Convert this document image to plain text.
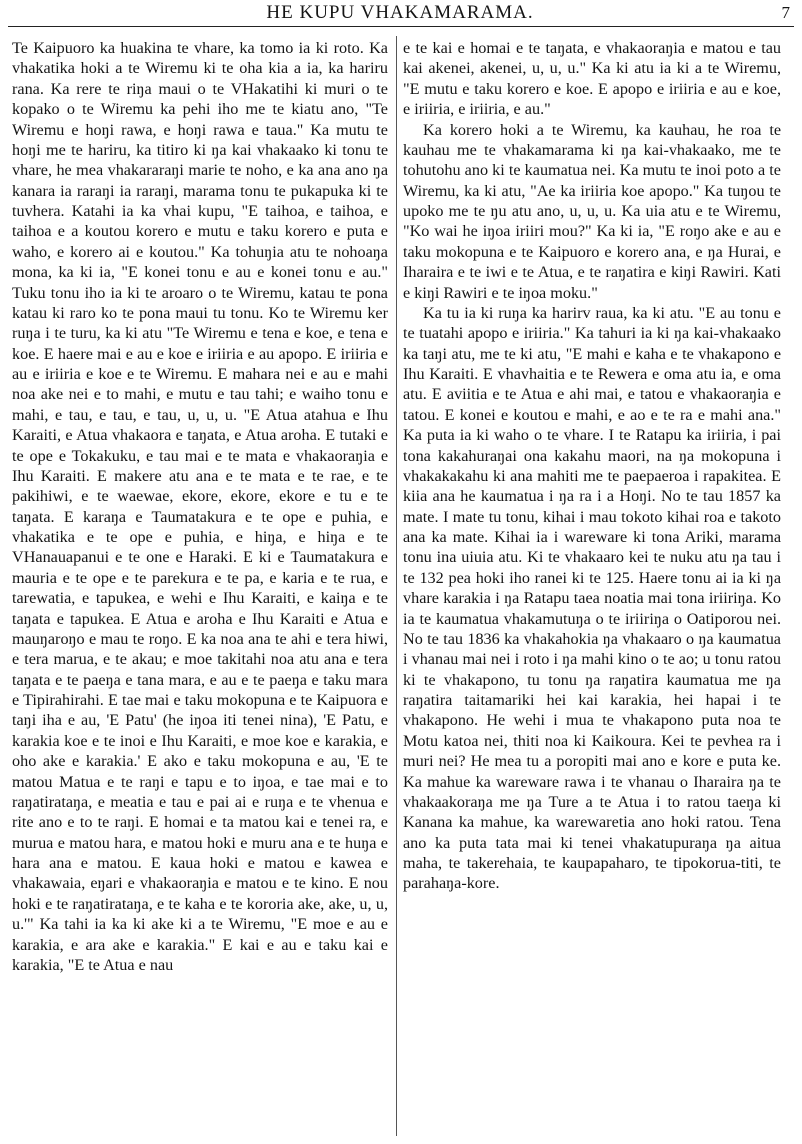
HE KUPU VHAKAMARAMA.	7

Te Kaipuoro ka huakina te vhare, ka tomo ia ki roto. Ka vhakatika hoki a te Wiremu ki te oha kia a ia, ka hariru rana. Ka rere te riŋa maui o te VHakatihi ki muri o te kopako o te Wiremu ka pehi iho me te kiatu ano, "Te Wiremu e hoŋi rawa, e hoŋi rawa e taua." Ka mutu te hoŋi me te hariru, ka titiro ki ŋa kai vhakaako ki tonu te vhare, he mea vhakararaŋi marie te noho, e ka ana ano ŋa kanara ia raraŋi ia raraŋi, marama tonu te pukapuka ki te tuvhera. Katahi ia ka vhai kupu, "E taihoa, e taihoa, e taihoa e a koutou korero e mutu e taku korero e puta e waho, e korero ai e koutou." Ka tohuŋia atu te nohoaŋa mona, ka ki ia, "E konei tonu e au e konei tonu e au." Tuku tonu iho ia ki te aroaro o te Wiremu, katau te pona katau ki raro ko te pona maui tu tonu. Ko te Wiremu ker ruŋa i te turu, ka ki atu "Te Wiremu e tena e koe, e tena e koe. E haere mai e au e koe e iriiria e au apopo. E iriiria e au e iriiria e koe e te Wiremu. E mahara nei e au e mahi noa ake nei e to mahi, e mutu e tau tahi; e waiho tonu e mahi, e tau, e tau, e tau, u, u, u. "E Atua atahua e Ihu Karaiti, e Atua vhakaora e taŋata, e Atua aroha. E tutaki e te ope e Tokakuku, e tau mai e te mata e vhakaoraŋia e Ihu Karaiti. E makere atu ana e te mata e te rae, e te pakihiwi, e te waewae, ekore, ekore, ekore e tu e te taŋata. E karaŋa e Taumatakura e te ope e puhia, e vhakatika e te ope e puhia, e hiŋa, e hiŋa e te VHanauapanui e te one e Haraki. E ki e Taumatakura e mauria e te ope e te parekura e te pa, e karia e te rua, e tarewatia, e tapukea, e wehi e Ihu Karaiti, e kaiŋa e te taŋata e tapukea. E Atua e aroha e Ihu Karaiti e Atua e mauŋaroŋo e mau te roŋo. E ka noa ana te ahi e tera hiwi, e tera marua, e te akau; e moe takitahi noa atu ana e tera taŋata e te paeŋa e tana mara, e au e te paeŋa e taku mara e Tipirahirahi. E tae mai e taku mokopuna e te Kaipuora e taŋi iha e au, 'E Patu' (he iŋoa iti tenei nina), 'E Patu, e karakia koe e te inoi e Ihu Karaiti, e moe koe e karakia, e oho ake e karakia.' E ako e taku mokopuna e au, 'E te matou Matua e te raŋi e tapu e to iŋoa, e tae mai e to raŋatirataŋa, e meatia e tau e pai ai e ruŋa e te vhenua e rite ano e to te raŋi. E homai e ta matou kai e tenei ra, e murua e matou hara, e matou hoki e muru ana e te huŋa e hara ana e matou. E kaua hoki e matou e kawea e vhakawaia, eŋari e vhakaoraŋia e matou e te kino. E nou hoki e te raŋatirataŋa, e te kaha e te kororia ake, ake, u, u, u.'" Ka tahi ia ka ki ake ki a te Wiremu, "E moe e au e karakia, e ara ake e karakia." E kai e au e taku kai e karakia, "E te Atua e nau

e te kai e homai e te taŋata, e vhakaoraŋia e matou e tau kai akenei, akenei, u, u, u." Ka ki atu ia ki a te Wiremu, "E mutu e taku korero e koe. E apopo e iriiria e au e koe, e iriiria, e iriiria, e au."

Ka korero hoki a te Wiremu, ka kauhau, he roa te kauhau me te vhakamarama ki ŋa kai-vhakaako, me te tohutohu ano ki te kaumatua nei. Ka mutu te inoi poto a te Wiremu, ka ki atu, "Ae ka iriiria koe apopo." Ka tuŋou te upoko me te ŋu atu ano, u, u, u. Ka uia atu e te Wiremu, "Ko wai he iŋoa iriiri mou?" Ka ki ia, "E roŋo ake e au e taku mokopuna e te Kaipuoro e korero ana, e ŋa Hurai, e Iharaira e te iwi e te Atua, e te raŋatira e kiŋi Rawiri. Kati e kiŋi Rawiri e te iŋoa moku."

Ka tu ia ki ruŋa ka harirv raua, ka ki atu. "E au tonu e te tuatahi apopo e iriiria." Ka tahuri ia ki ŋa kai-vhakaako ka taŋi atu, me te ki atu, "E mahi e kaha e te vhakapono e Ihu Karaiti. E vhavhaitia e te Rewera e oma atu ia, e oma atu. E aviitia e te Atua e ahi mai, e tatou e vhakaoraŋia e tatou. E konei e koutou e mahi, e ao e te ra e mahi ana." Ka puta ia ki waho o te vhare. I te Ratapu ka iriiria, i pai tona kakahuraŋai ona kakahu maori, na ŋa mokopuna i vhakakakahu ki ana mahiti me te paepaeroa i rapakitea. E kiia ana he kaumatua i ŋa ra i a Hoŋi. No te tau 1857 ka mate. I mate tu tonu, kihai i mau tokoto kihai roa e takoto ana ka mate. Kihai ia i wareware ki tona Ariki, marama tonu ina uiuia atu. Ki te vhakaaro kei te nuku atu ŋa tau i te 132 pea hoki iho ranei ki te 125. Haere tonu ai ia ki ŋa vhare karakia i ŋa Ratapu taea noatia mai tona iriiriŋa. Ko ia te kaumatua vhakamutuŋa o te iriiriŋa o Oatiporou nei. No te tau 1836 ka vhakahokia ŋa vhakaaro o ŋa kaumatua i vhanau mai nei i roto i ŋa mahi kino o te ao; u tonu ratou ki te vhakapono, tu tonu ŋa raŋatira kaumatua me ŋa raŋatira taitamariki hei kai karakia, hei hapai i te vhakapono. He wehi i mua te vhakapono puta noa te Motu katoa nei, thiti noa ki Kaikoura. Kei te pevhea ra i muri nei? He mea tu a poropiti mai ano e kore e puta ke. Ka mahue ka wareware rawa i te vhanau o Iharaira ŋa te vhakaakoraŋa me ŋa Ture a te Atua i to ratou taeŋa ki Kanana ka mahue, ka warewaretia ano hoki ratou. Tena ano ka puta tata mai ki tenei vhakatupuraŋa ŋa aitua maha, te takerehaia, te kaupapaharo, te tipokorua-titi, te parahaŋa-kore.
